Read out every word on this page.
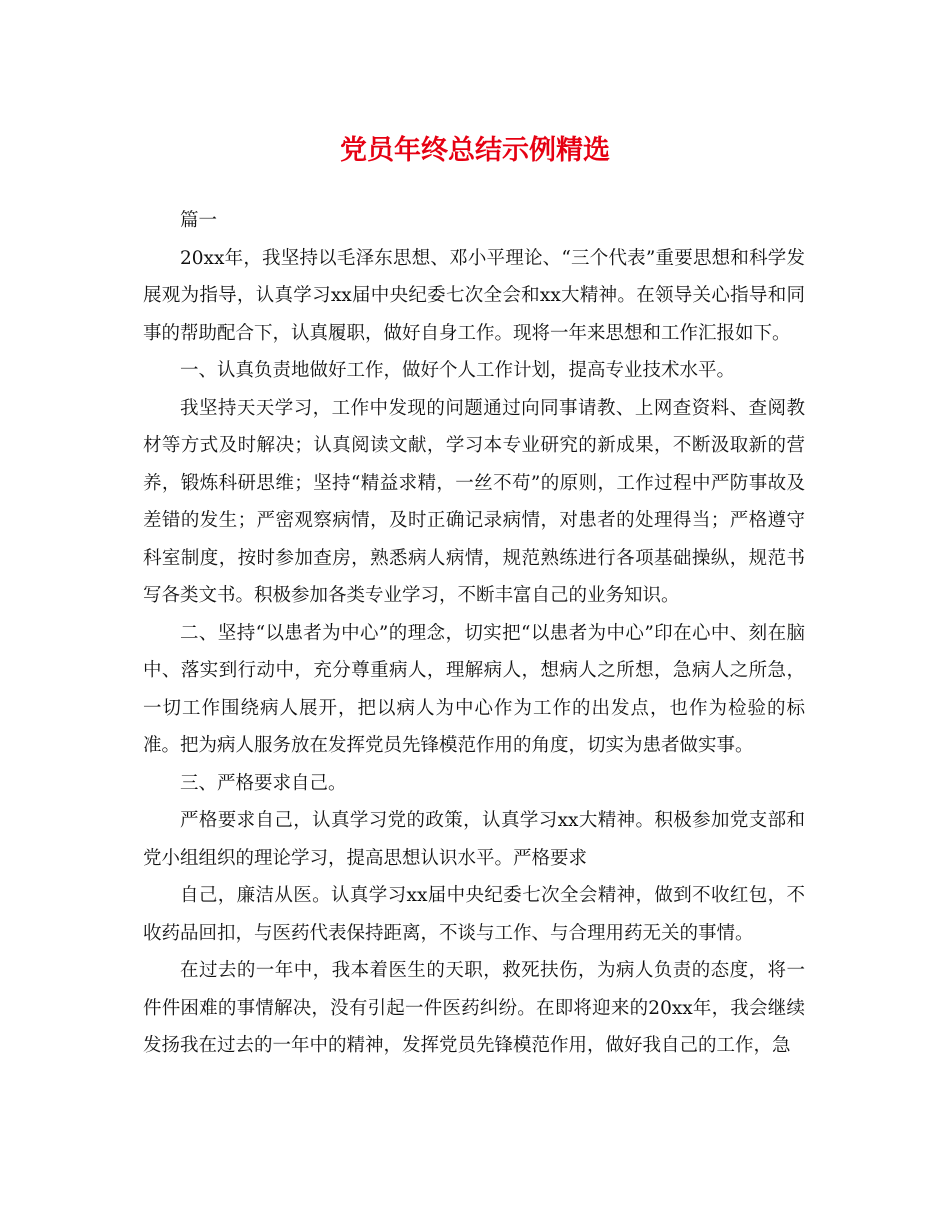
党员年终总结示例精选

篇一

20xx年，我坚持以毛泽东思想、邓小平理论、“三个代表”重要思想和科学发展观为指导，认真学习xx届中央纪委七次全会和xx大精神。在领导关心指导和同事的帮助配合下，认真履职，做好自身工作。现将一年来思想和工作汇报如下。

一、认真负责地做好工作，做好个人工作计划，提高专业技术水平。

我坚持天天学习，工作中发现的问题通过向同事请教、上网查资料、查阅教材等方式及时解决；认真阅读文献，学习本专业研究的新成果，不断汲取新的营养，锻炼科研思维；坚持“精益求精，一丝不苟”的原则，工作过程中严防事故及差错的发生；严密观察病情，及时正确记录病情，对患者的处理得当；严格遵守科室制度，按时参加查房，熟悉病人病情，规范熟练进行各项基础操纵，规范书写各类文书。积极参加各类专业学习，不断丰富自己的业务知识。

二、坚持“以患者为中心”的理念，切实把“以患者为中心”印在心中、刻在脑中、落实到行动中，充分尊重病人，理解病人，想病人之所想，急病人之所急，一切工作围绕病人展开，把以病人为中心作为工作的出发点，也作为检验的标准。把为病人服务放在发挥党员先锋模范作用的角度，切实为患者做实事。

三、严格要求自己。

严格要求自己，认真学习党的政策，认真学习xx大精神。积极参加党支部和党小组组织的理论学习，提高思想认识水平。严格要求

自己，廉洁从医。认真学习xx届中央纪委七次全会精神，做到不收红包，不收药品回扣，与医药代表保持距离，不谈与工作、与合理用药无关的事情。

在过去的一年中，我本着医生的天职，救死扶伤，为病人负责的态度，将一件件困难的事情解决，没有引起一件医药纠纷。在即将迎来的20xx年，我会继续发扬我在过去的一年中的精神，发挥党员先锋模范作用，做好我自己的工作，急
